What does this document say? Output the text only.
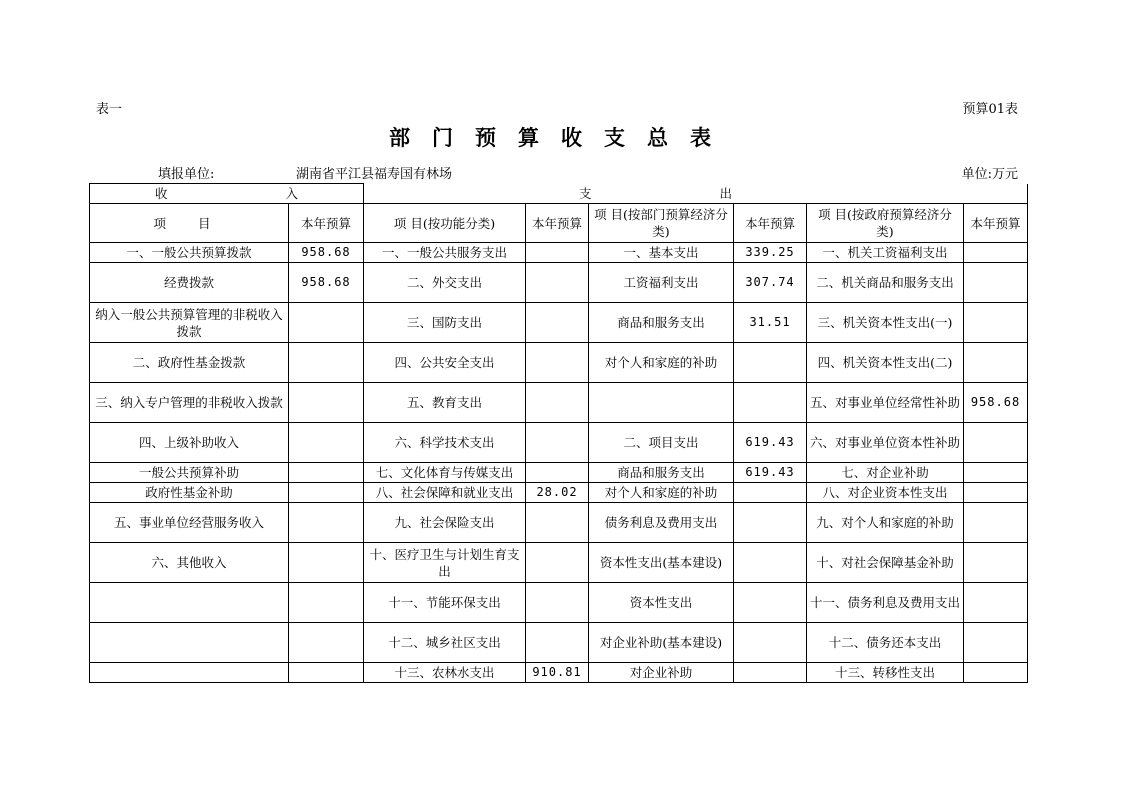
表一	预算01表
部门预算收支总表
填报单位:	湖南省平江县福寿国有林场	单位:万元
收 入		支 出					
项 目	本年预算	项 目(按功能分类)	本年预算	项 目(按部门预算经济分类)	本年预算	项 目(按政府预算经济分类)	本年预算
一、一般公共预算拨款	958.68	一、一般公共服务支出		一、基本支出	339.25	一、机关工资福利支出	
经费拨款	958.68	二、外交支出		工资福利支出	307.74	二、机关商品和服务支出	
纳入一般公共预算管理的非税收入拨款		三、国防支出		商品和服务支出	31.51	三、机关资本性支出(一)	
二、政府性基金拨款		四、公共安全支出		对个人和家庭的补助		四、机关资本性支出(二)	
三、纳入专户管理的非税收入拨款		五、教育支出				五、对事业单位经常性补助	958.68
四、上级补助收入		六、科学技术支出		二、项目支出	619.43	六、对事业单位资本性补助	
一般公共预算补助		七、文化体育与传媒支出		商品和服务支出	619.43	七、对企业补助	
政府性基金补助		八、社会保障和就业支出	28.02	对个人和家庭的补助		八、对企业资本性支出	
五、事业单位经营服务收入		九、社会保险支出		债务利息及费用支出		九、对个人和家庭的补助	
六、其他收入		十、医疗卫生与计划生育支出		资本性支出(基本建设)		十、对社会保障基金补助	
		十一、节能环保支出		资本性支出		十一、债务利息及费用支出	
		十二、城乡社区支出		对企业补助(基本建设)		十二、债务还本支出	
		十三、农林水支出	910.81	对企业补助		十三、转移性支出	
